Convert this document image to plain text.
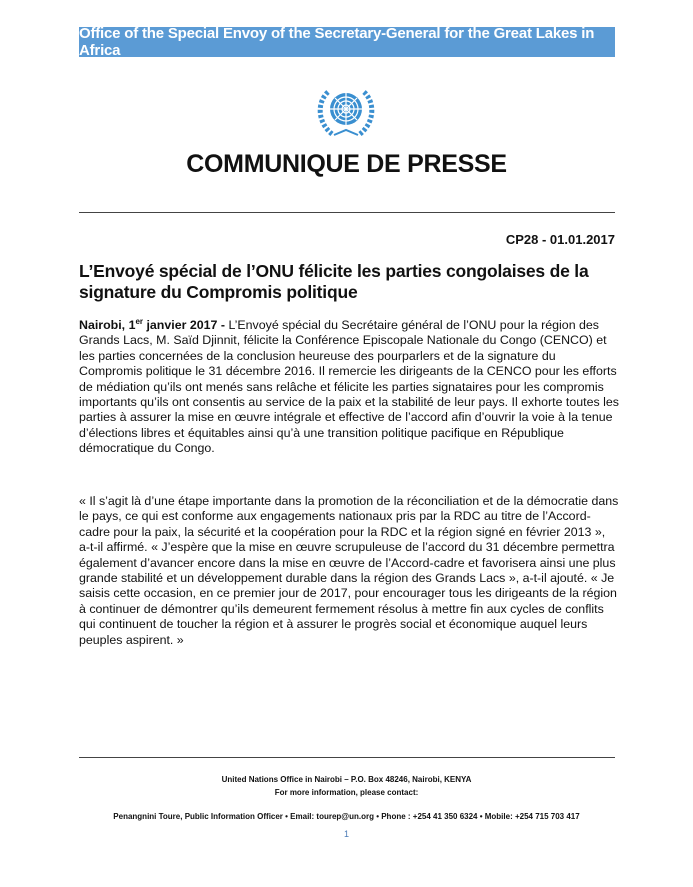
Office of the Special Envoy of the Secretary-General for the Great Lakes in Africa
COMMUNIQUE DE PRESSE
CP28 - 01.01.2017
L’Envoyé spécial de l’ONU félicite les parties congolaises de la signature du Compromis politique

Nairobi, 1er janvier 2017 - L’Envoyé spécial du Secrétaire général de l’ONU pour la région des Grands Lacs, M. Saïd Djinnit, félicite la Conférence Episcopale Nationale du Congo (CENCO) et les parties concernées de la conclusion heureuse des pourparlers et de la signature du Compromis politique le 31 décembre 2016. Il remercie les dirigeants de la CENCO pour les efforts de médiation qu’ils ont menés sans relâche et félicite les parties signataires pour les compromis importants qu’ils ont consentis au service de la paix et la stabilité de leur pays. Il exhorte toutes les parties à assurer la mise en œuvre intégrale et effective de l’accord afin d’ouvrir la voie à la tenue d’élections libres et équitables ainsi qu’à une transition politique pacifique en République démocratique du Congo.

« Il s’agit là d’une étape importante dans la promotion de la réconciliation et de la démocratie dans le pays, ce qui est conforme aux engagements nationaux pris par la RDC au titre de l’Accord-cadre pour la paix, la sécurité et la coopération pour la RDC et la région signé en février 2013 », a-t-il affirmé. « J’espère que la mise en œuvre scrupuleuse de l’accord du 31 décembre permettra également d’avancer encore dans la mise en œuvre de l’Accord-cadre et favorisera ainsi une plus grande stabilité et un développement durable dans la région des Grands Lacs », a-t-il ajouté. « Je saisis cette occasion, en ce premier jour de 2017, pour encourager tous les dirigeants de la région à continuer de démontrer qu’ils demeurent fermement résolus à mettre fin aux cycles de conflits qui continuent de toucher la région et à assurer le progrès social et économique auquel leurs peuples aspirent. »

United Nations Office in Nairobi – P.O. Box 48246, Nairobi, KENYA
For more information, please contact:
Penangnini Toure, Public Information Officer • Email: tourep@un.org • Phone : +254 41 350 6324 • Mobile: +254 715 703 417
1
